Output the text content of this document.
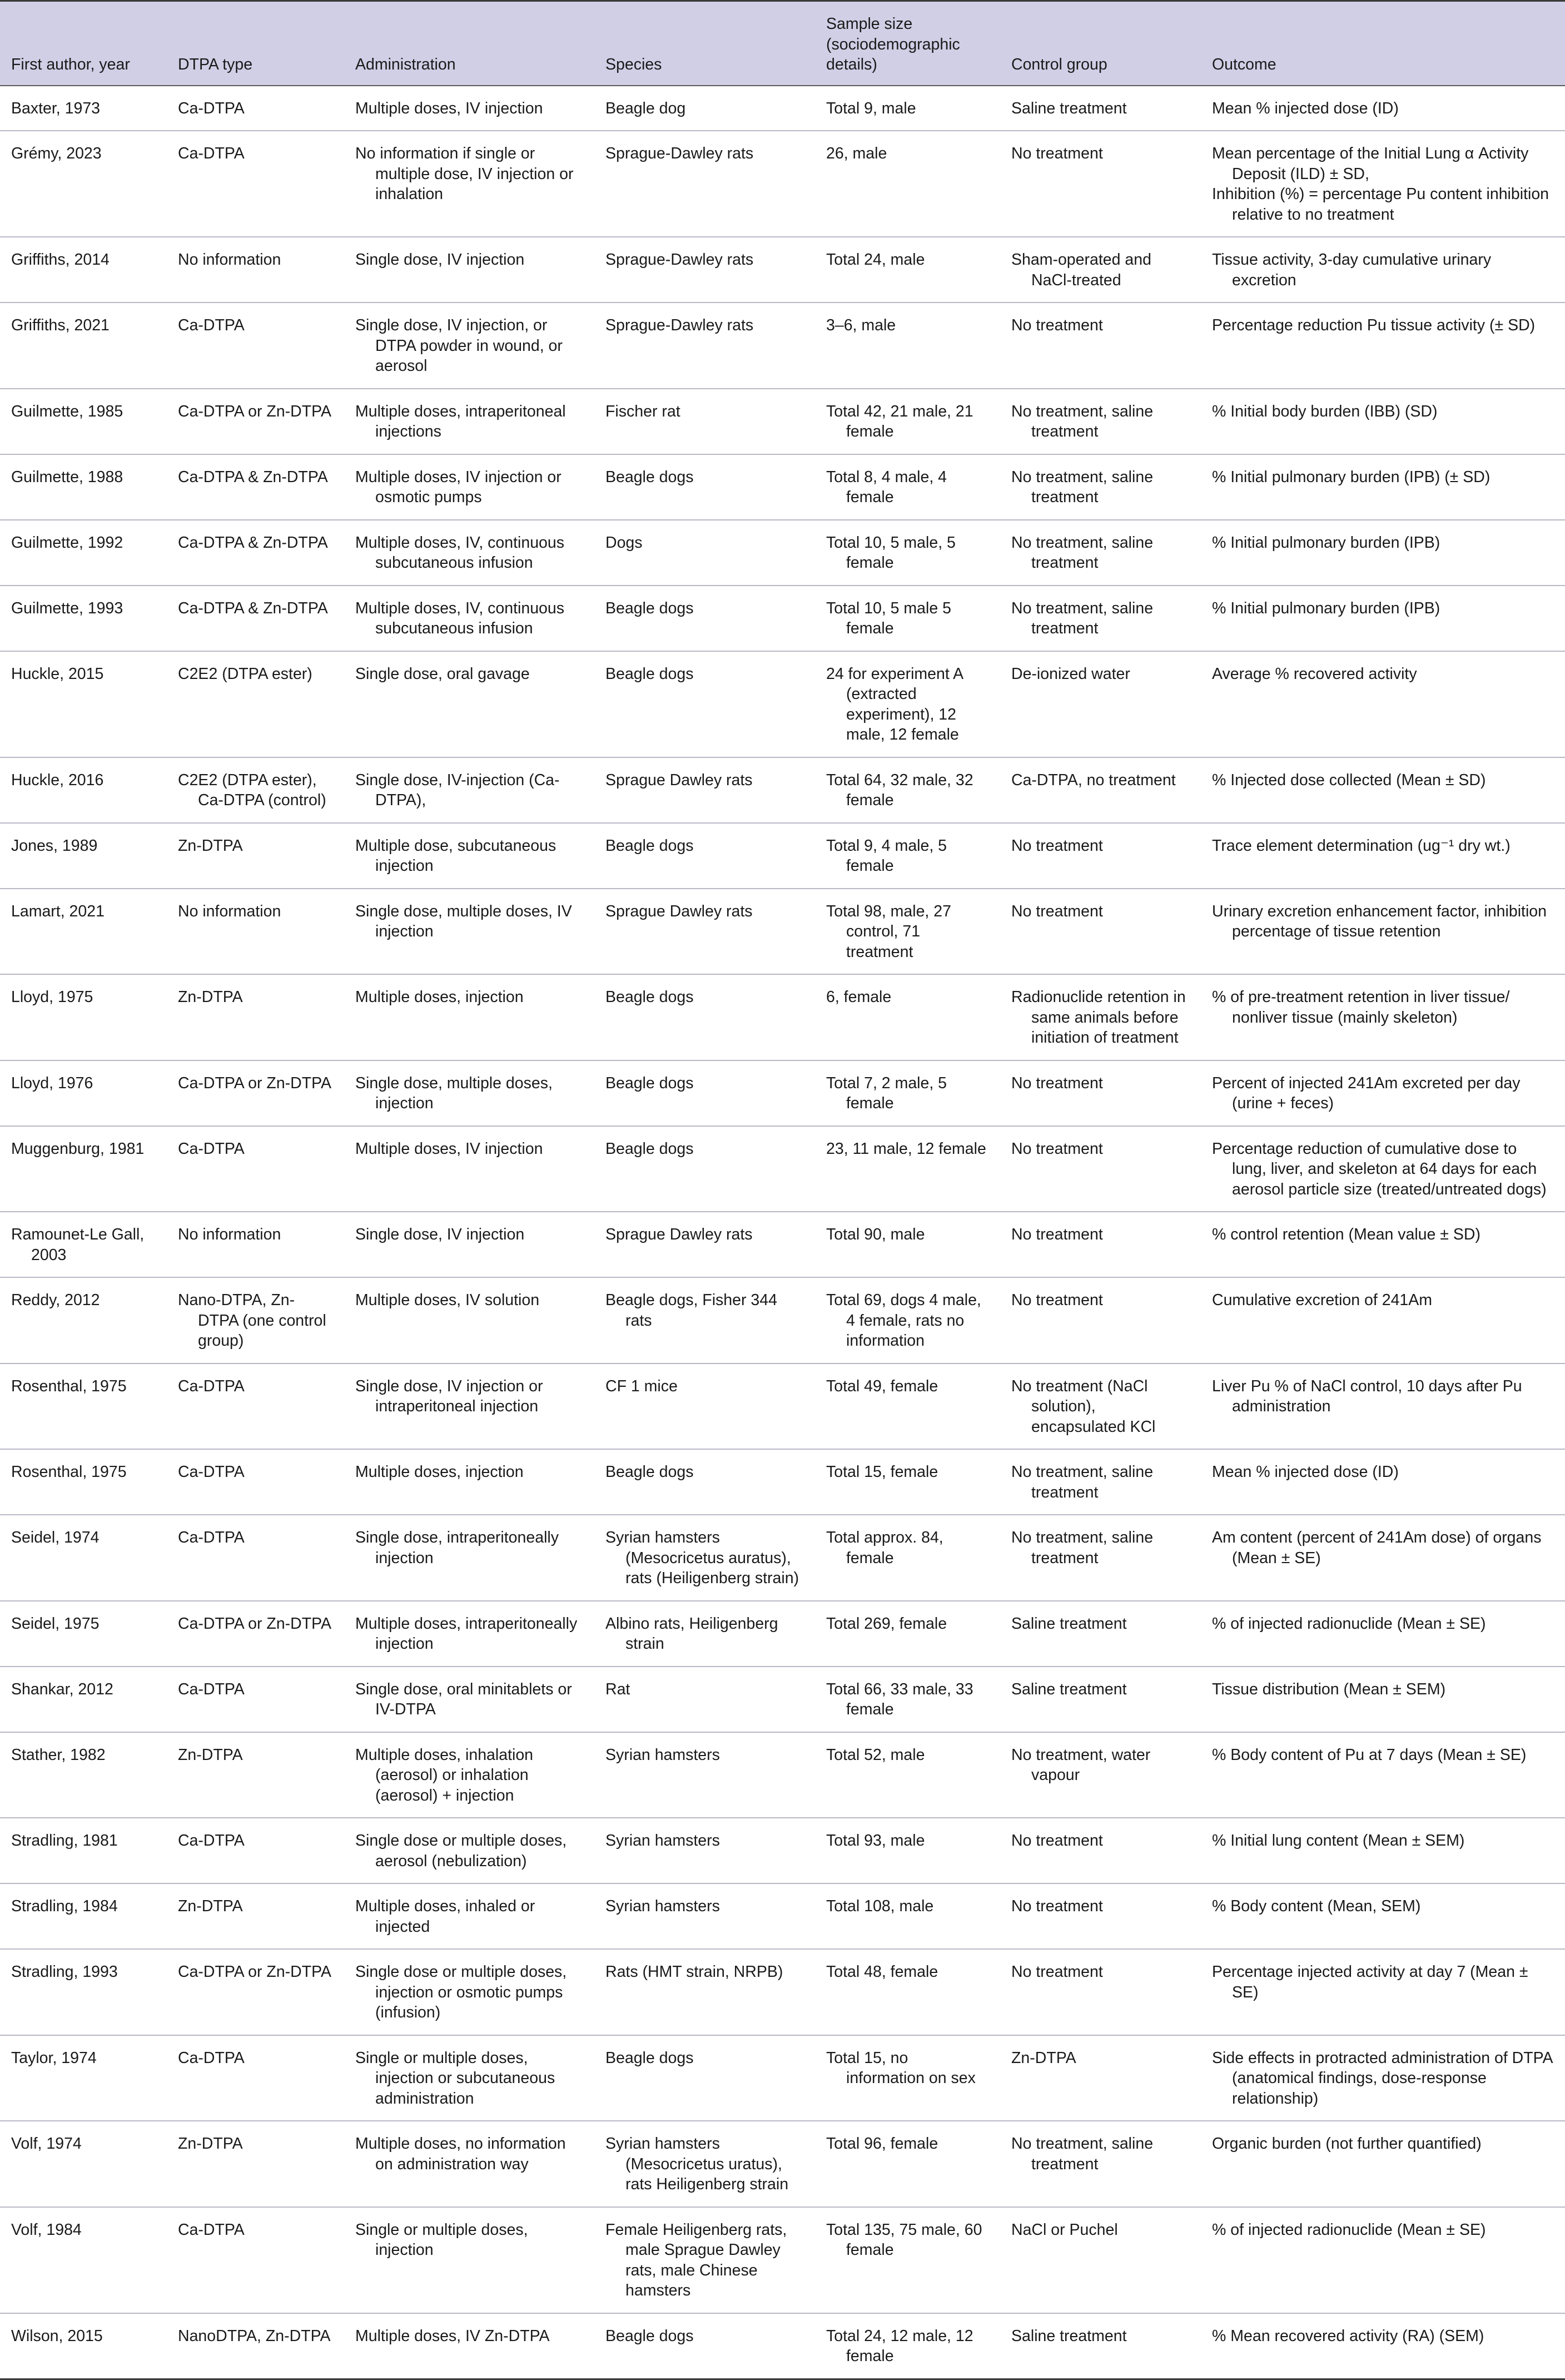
First author, year	DTPA type	Administration	Species	Sample size (sociodemographic details)	Control group	Outcome

Baxter, 1973	Ca-DTPA	Multiple doses, IV injection	Beagle dog	Total 9, male	Saline treatment	Mean % injected dose (ID)

Grémy, 2023	Ca-DTPA	No information if single or multiple dose, IV injection or inhalation	Sprague-Dawley rats	26, male	No treatment	Mean percentage of the Initial Lung α Activity Deposit (ILD) ± SD,
Inhibition (%) = percentage Pu content inhibition relative to no treatment

Griffiths, 2014	No information	Single dose, IV injection	Sprague-Dawley rats	Total 24, male	Sham-operated and NaCl-treated	Tissue activity, 3-day cumulative urinary excretion

Griffiths, 2021	Ca-DTPA	Single dose, IV injection, or DTPA powder in wound, or aerosol	Sprague-Dawley rats	3–6, male	No treatment	Percentage reduction Pu tissue activity (± SD)

Guilmette, 1985	Ca-DTPA or Zn-DTPA	Multiple doses, intraperitoneal injections	Fischer rat	Total 42, 21 male, 21 female	No treatment, saline treatment	% Initial body burden (IBB) (SD)

Guilmette, 1988	Ca-DTPA & Zn-DTPA	Multiple doses, IV injection or osmotic pumps	Beagle dogs	Total 8, 4 male, 4 female	No treatment, saline treatment	% Initial pulmonary burden (IPB) (± SD)

Guilmette, 1992	Ca-DTPA & Zn-DTPA	Multiple doses, IV, continuous subcutaneous infusion	Dogs	Total 10, 5 male, 5 female	No treatment, saline treatment	% Initial pulmonary burden (IPB)

Guilmette, 1993	Ca-DTPA & Zn-DTPA	Multiple doses, IV, continuous subcutaneous infusion	Beagle dogs	Total 10, 5 male 5 female	No treatment, saline treatment	% Initial pulmonary burden (IPB)

Huckle, 2015	C2E2 (DTPA ester)	Single dose, oral gavage	Beagle dogs	24 for experiment A (extracted experiment), 12 male, 12 female	De-ionized water	Average % recovered activity

Huckle, 2016	C2E2 (DTPA ester), Ca-DTPA (control)	Single dose, IV-injection (Ca-DTPA),	Sprague Dawley rats	Total 64, 32 male, 32 female	Ca-DTPA, no treatment	% Injected dose collected (Mean ± SD)

Jones, 1989	Zn-DTPA	Multiple dose, subcutaneous injection	Beagle dogs	Total 9, 4 male, 5 female	No treatment	Trace element determination (ug⁻¹ dry wt.)

Lamart, 2021	No information	Single dose, multiple doses, IV injection	Sprague Dawley rats	Total 98, male, 27 control, 71 treatment	No treatment	Urinary excretion enhancement factor, inhibition percentage of tissue retention

Lloyd, 1975	Zn-DTPA	Multiple doses, injection	Beagle dogs	6, female	Radionuclide retention in same animals before initiation of treatment	% of pre-treatment retention in liver tissue/ nonliver tissue (mainly skeleton)

Lloyd, 1976	Ca-DTPA or Zn-DTPA	Single dose, multiple doses, injection	Beagle dogs	Total 7, 2 male, 5 female	No treatment	Percent of injected 241Am excreted per day (urine + feces)

Muggenburg, 1981	Ca-DTPA	Multiple doses, IV injection	Beagle dogs	23, 11 male, 12 female	No treatment	Percentage reduction of cumulative dose to lung, liver, and skeleton at 64 days for each aerosol particle size (treated/untreated dogs)

Ramounet-Le Gall, 2003	No information	Single dose, IV injection	Sprague Dawley rats	Total 90, male	No treatment	% control retention (Mean value ± SD)

Reddy, 2012	Nano-DTPA, Zn-DTPA (one control group)	Multiple doses, IV solution	Beagle dogs, Fisher 344 rats	Total 69, dogs 4 male, 4 female, rats no information	No treatment	Cumulative excretion of 241Am

Rosenthal, 1975	Ca-DTPA	Single dose, IV injection or intraperitoneal injection	CF 1 mice	Total 49, female	No treatment (NaCl solution), encapsulated KCl	Liver Pu % of NaCl control, 10 days after Pu administration

Rosenthal, 1975	Ca-DTPA	Multiple doses, injection	Beagle dogs	Total 15, female	No treatment, saline treatment	Mean % injected dose (ID)

Seidel, 1974	Ca-DTPA	Single dose, intraperitoneally injection	Syrian hamsters (Mesocricetus auratus), rats (Heiligenberg strain)	Total approx. 84, female	No treatment, saline treatment	Am content (percent of 241Am dose) of organs (Mean ± SE)

Seidel, 1975	Ca-DTPA or Zn-DTPA	Multiple doses, intraperitoneally injection	Albino rats, Heiligenberg strain	Total 269, female	Saline treatment	% of injected radionuclide (Mean ± SE)

Shankar, 2012	Ca-DTPA	Single dose, oral minitablets or IV-DTPA	Rat	Total 66, 33 male, 33 female	Saline treatment	Tissue distribution (Mean ± SEM)

Stather, 1982	Zn-DTPA	Multiple doses, inhalation (aerosol) or inhalation (aerosol) + injection	Syrian hamsters	Total 52, male	No treatment, water vapour	% Body content of Pu at 7 days (Mean ± SE)

Stradling, 1981	Ca-DTPA	Single dose or multiple doses, aerosol (nebulization)	Syrian hamsters	Total 93, male	No treatment	% Initial lung content (Mean ± SEM)

Stradling, 1984	Zn-DTPA	Multiple doses, inhaled or injected	Syrian hamsters	Total 108, male	No treatment	% Body content (Mean, SEM)

Stradling, 1993	Ca-DTPA or Zn-DTPA	Single dose or multiple doses, injection or osmotic pumps (infusion)	Rats (HMT strain, NRPB)	Total 48, female	No treatment	Percentage injected activity at day 7 (Mean ± SE)

Taylor, 1974	Ca-DTPA	Single or multiple doses, injection or subcutaneous administration	Beagle dogs	Total 15, no information on sex	Zn-DTPA	Side effects in protracted administration of DTPA (anatomical findings, dose-response relationship)

Volf, 1974	Zn-DTPA	Multiple doses, no information on administration way	Syrian hamsters (Mesocricetus uratus), rats Heiligenberg strain	Total 96, female	No treatment, saline treatment	Organic burden (not further quantified)

Volf, 1984	Ca-DTPA	Single or multiple doses, injection	Female Heiligenberg rats, male Sprague Dawley rats, male Chinese hamsters	Total 135, 75 male, 60 female	NaCl or Puchel	% of injected radionuclide (Mean ± SE)

Wilson, 2015	NanoDTPA, Zn-DTPA	Multiple doses, IV Zn-DTPA	Beagle dogs	Total 24, 12 male, 12 female	Saline treatment	% Mean recovered activity (RA) (SEM)
